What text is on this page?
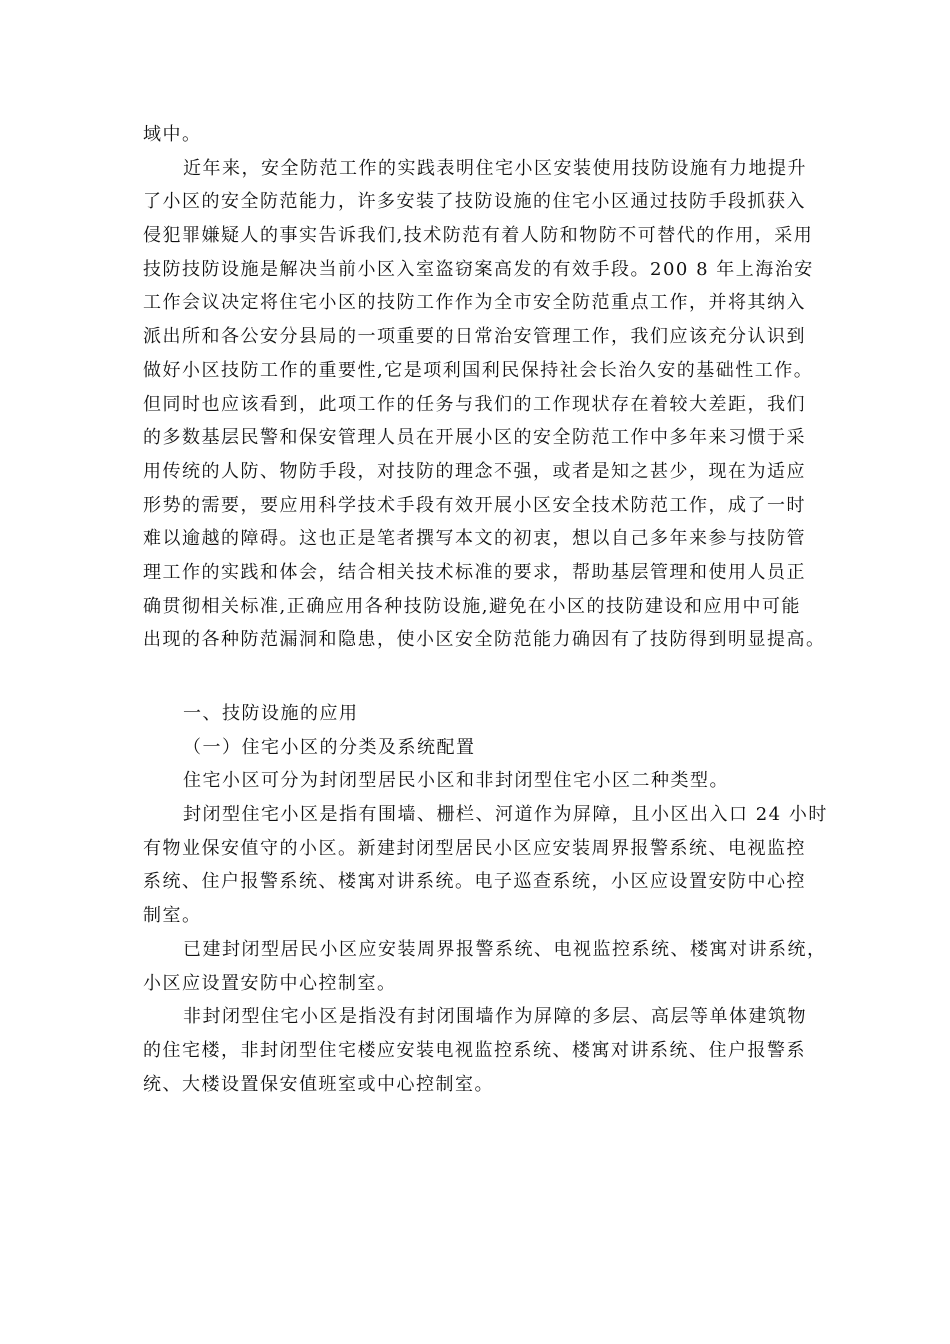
域中。
近年来，安全防范工作的实践表明住宅小区安装使用技防设施有力地提升
了小区的安全防范能力，许多安装了技防设施的住宅小区通过技防手段抓获入
侵犯罪嫌疑人的事实告诉我们,技术防范有着人防和物防不可替代的作用，采用
技防技防设施是解决当前小区入室盗窃案高发的有效手段。200 8 年上海治安
工作会议决定将住宅小区的技防工作作为全市安全防范重点工作，并将其纳入
派出所和各公安分县局的一项重要的日常治安管理工作，我们应该充分认识到
做好小区技防工作的重要性,它是项利国利民保持社会长治久安的基础性工作。
但同时也应该看到，此项工作的任务与我们的工作现状存在着较大差距，我们
的多数基层民警和保安管理人员在开展小区的安全防范工作中多年来习惯于采
用传统的人防、物防手段，对技防的理念不强，或者是知之甚少，现在为适应
形势的需要，要应用科学技术手段有效开展小区安全技术防范工作，成了一时
难以逾越的障碍。这也正是笔者撰写本文的初衷，想以自己多年来参与技防管
理工作的实践和体会，结合相关技术标准的要求，帮助基层管理和使用人员正
确贯彻相关标准,正确应用各种技防设施,避免在小区的技防建设和应用中可能
出现的各种防范漏洞和隐患，使小区安全防范能力确因有了技防得到明显提高。
一、技防设施的应用
（一）住宅小区的分类及系统配置
住宅小区可分为封闭型居民小区和非封闭型住宅小区二种类型。
封闭型住宅小区是指有围墙、栅栏、河道作为屏障，且小区出入口 24 小时
有物业保安值守的小区。新建封闭型居民小区应安装周界报警系统、电视监控
系统、住户报警系统、楼寓对讲系统。电子巡查系统，小区应设置安防中心控
制室。
已建封闭型居民小区应安装周界报警系统、电视监控系统、楼寓对讲系统，
小区应设置安防中心控制室。
非封闭型住宅小区是指没有封闭围墙作为屏障的多层、高层等单体建筑物
的住宅楼，非封闭型住宅楼应安装电视监控系统、楼寓对讲系统、住户报警系
统、大楼设置保安值班室或中心控制室。
